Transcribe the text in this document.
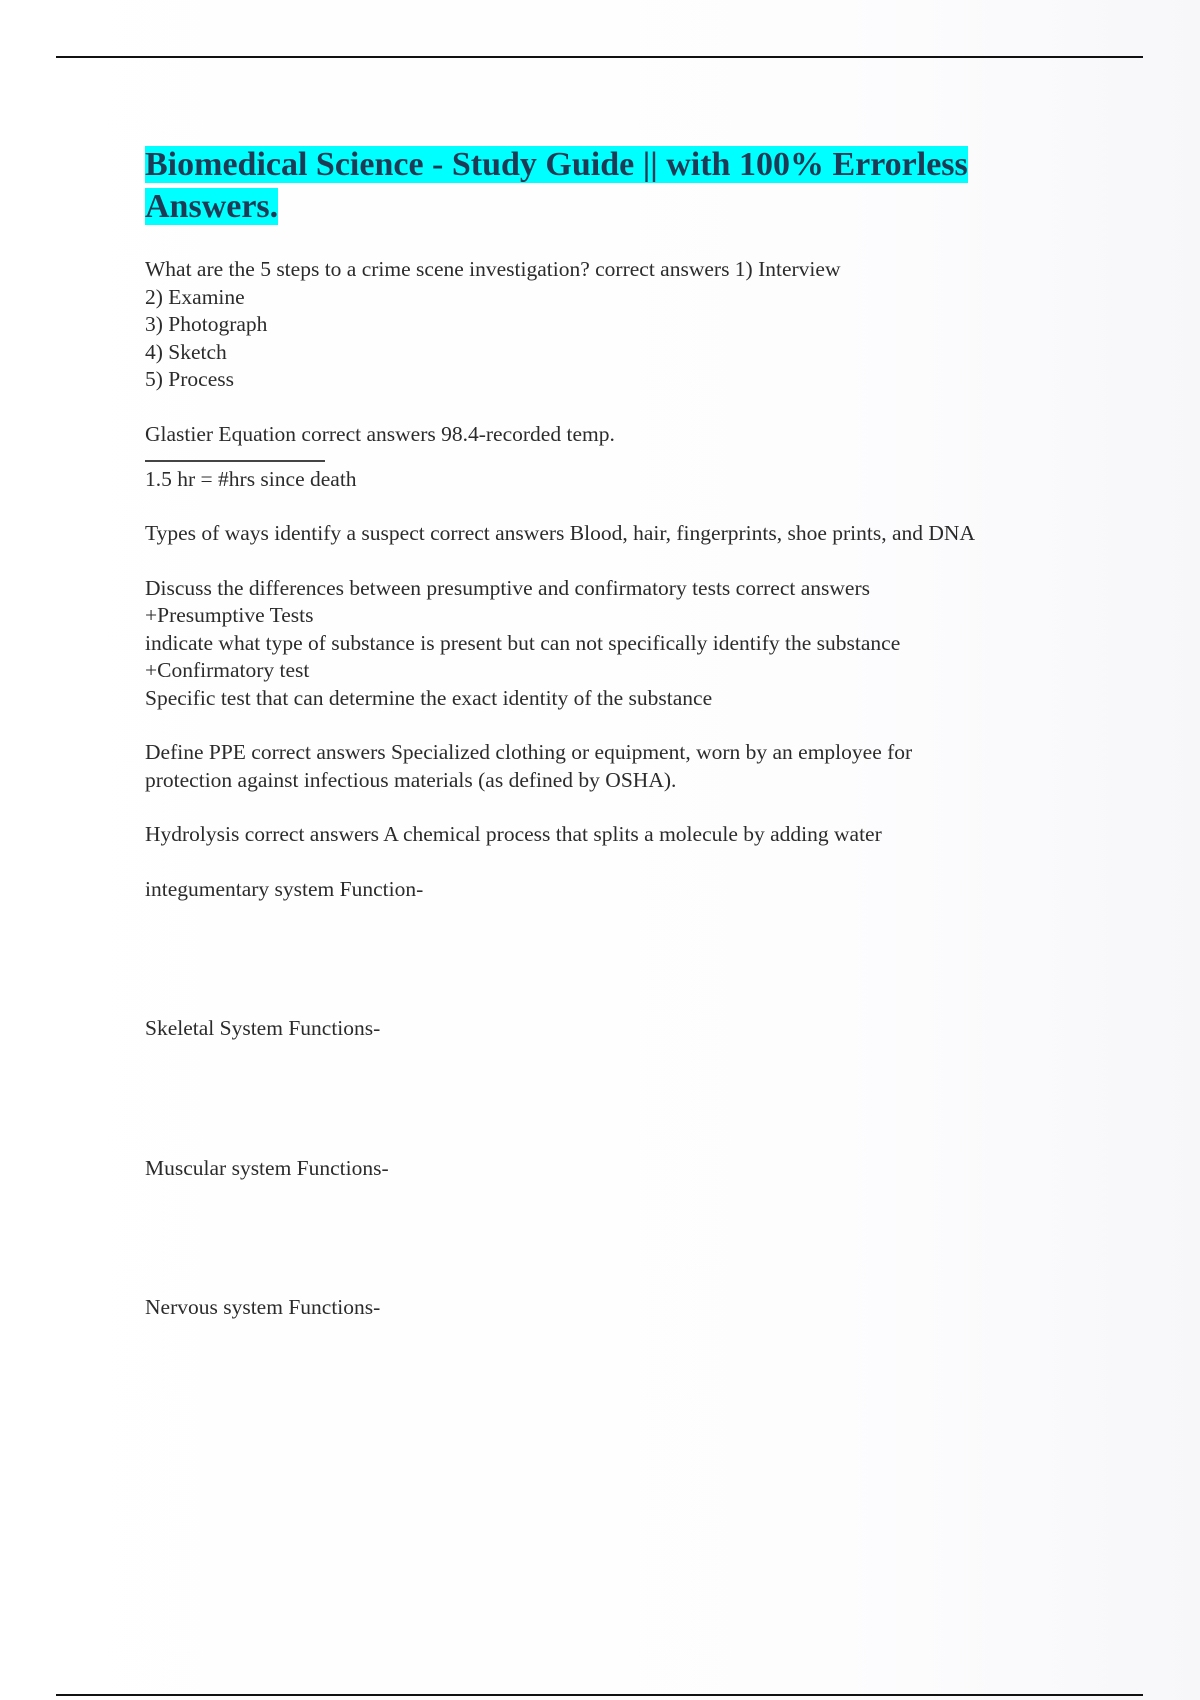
Biomedical Science - Study Guide || with 100% Errorless Answers.

What are the 5 steps to a crime scene investigation? correct answers 1) Interview

2) Examine

3) Photograph

4) Sketch

5) Process

Glastier Equation correct answers 98.4-recorded temp.

1.5 hr = #hrs since death

Types of ways identify a suspect correct answers Blood, hair, fingerprints, shoe prints, and DNA

Discuss the differences between presumptive and confirmatory tests correct answers

+Presumptive Tests

indicate what type of substance is present but can not specifically identify the substance

+Confirmatory test

Specific test that can determine the exact identity of the substance

Define PPE correct answers Specialized clothing or equipment, worn by an employee for

protection against infectious materials (as defined by OSHA).

Hydrolysis correct answers A chemical process that splits a molecule by adding water

integumentary system Function-

Skeletal System Functions-

Muscular system Functions-

Nervous system Functions-
